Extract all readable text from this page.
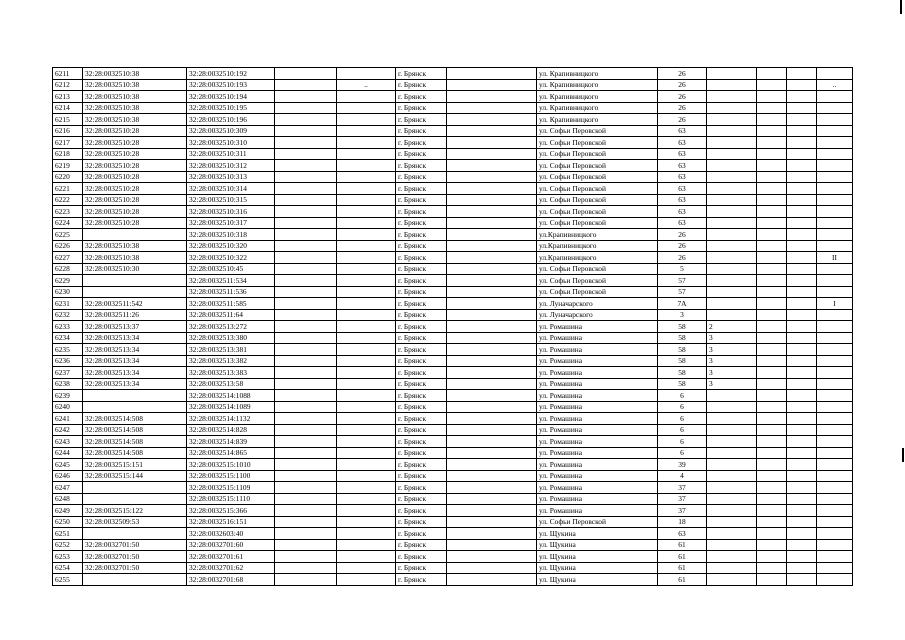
6211	32:28:0032510:38	32:28:0032510:192			г. Брянск		ул. Крапивницкого	26				
6212	32:28:0032510:38	32:28:0032510:193		..	г. Брянск		ул. Крапивницкого	26				..
6213	32:28:0032510:38	32:28:0032510:194			г. Брянск		ул. Крапивницкого	26				
6214	32:28:0032510:38	32:28:0032510:195			г. Брянск		ул. Крапивницкого	26				
6215	32:28:0032510:38	32:28:0032510:196			г. Брянск		ул. Крапивницкого	26				
6216	32:28:0032510:28	32:28:0032510:309			г. Брянск		ул. Софьи Перовской	63				
6217	32:28:0032510:28	32:28:0032510:310			г. Брянск		ул. Софьи Перовской	63				
6218	32:28:0032510:28	32:28:0032510:311			г. Брянск		ул. Софьи Перовской	63				
6219	32:28:0032510:28	32:28:0032510:312			г. Брянск		ул. Софьи Перовской	63				
6220	32:28:0032510:28	32:28:0032510:313			г. Брянск		ул. Софьи Перовской	63				
6221	32:28:0032510:28	32:28:0032510:314			г. Брянск		ул. Софьи Перовской	63				
6222	32:28:0032510:28	32:28:0032510:315			г. Брянск		ул. Софьи Перовской	63				
6223	32:28:0032510:28	32:28:0032510:316			г. Брянск		ул. Софьи Перовской	63				
6224	32:28:0032510:28	32:28:0032510:317			г. Брянск		ул. Софьи Перовской	63				
6225		32:28:0032510:318			г. Брянск		ул.Крапивницкого	26				
6226	32:28:0032510:38	32:28:0032510:320			г. Брянск		ул.Крапивницкого	26				
6227	32:28:0032510:38	32:28:0032510:322			г. Брянск		ул.Крапивницкого	26				II
6228	32:28:0032510:30	32:28:0032510:45			г. Брянск		ул. Софьи Перовской	5				
6229		32:28:0032511:534			г. Брянск		ул. Софьи Перовской	57				
6230		32:28:0032511:536			г. Брянск		ул. Софьи Перовской	57				
6231	32:28:0032511:542	32:28:0032511:585			г. Брянск		ул. Луначарского	7А				I
6232	32:28:0032511:26	32:28:0032511:64			г. Брянск		ул. Луначарского	3				
6233	32:28:0032513:37	32:28:0032513:272			г. Брянск		ул. Ромашина	58	2			
6234	32:28:0032513:34	32:28:0032513:380			г. Брянск		ул. Ромашина	58	3			
6235	32:28:0032513:34	32:28:0032513:381			г. Брянск		ул. Ромашина	58	3			
6236	32:28:0032513:34	32:28:0032513:382			г. Брянск		ул. Ромашина	58	3			
6237	32:28:0032513:34	32:28:0032513:383			г. Брянск		ул. Ромашина	58	3			
6238	32:28:0032513:34	32:28:0032513:58			г. Брянск		ул. Ромашина	58	3			
6239		32:28:0032514:1088			г. Брянск		ул. Ромашина	6				
6240		32:28:0032514:1089			г. Брянск		ул. Ромашина	6				
6241	32:28:0032514:508	32:28:0032514:1132			г. Брянск		ул. Ромашина	6				
6242	32:28:0032514:508	32:28:0032514:828			г. Брянск		ул. Ромашина	6				
6243	32:28:0032514:508	32:28:0032514:839			г. Брянск		ул. Ромашина	6				
6244	32:28:0032514:508	32:28:0032514:865			г. Брянск		ул. Ромашина	6				
6245	32:28:0032515:151	32:28:0032515:1010			г. Брянск		ул. Ромашина	39				
6246	32:28:0032515:144	32:28:0032515:1100			г. Брянск		ул. Ромашина	4				
6247		32:28:0032515:1109			г. Брянск		ул. Ромашина	37				
6248		32:28:0032515:1110			г. Брянск		ул. Ромашина	37				
6249	32:28:0032515:122	32:28:0032515:366			г. Брянск		ул. Ромашина	37				
6250	32:28:0032509:53	32:28:0032516:151			г. Брянск		ул. Софьи Перовской	18				
6251		32:28:0032603:40			г. Брянск		ул. Щукина	63				
6252	32:28:0032701:50	32:28:0032701:60			г. Брянск		ул. Щукина	61				
6253	32:28:0032701:50	32:28:0032701:61			г. Брянск		ул. Щукина	61				
6254	32:28:0032701:50	32:28:0032701:62			г. Брянск		ул. Щукина	61				
6255		32:28:0032701:68			г. Брянск		ул. Щукина	61				
